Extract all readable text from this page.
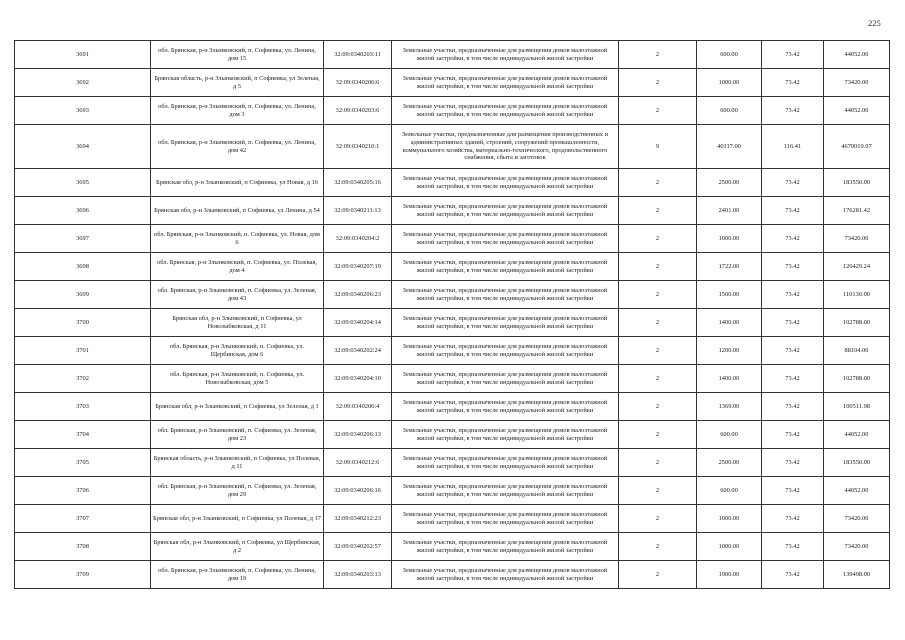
225
3691	обл. Брянская, р-н Злынковский, п. Софиевка, ул. Ленина, дом 15	32:09:0340203:11	Земельные участки, предназначенные для размещения домов малоэтажной жилой застройки, в том числе индивидуальной жилой застройки	2	600.00	73.42	44052.00
3692	Брянская область, р-н Злынковский, п Софиевка, ул Зеленая, д 5	32:09:0340206:6	Земельные участки, предназначенные для размещения домов малоэтажной жилой застройки, в том числе индивидуальной жилой застройки	2	1000.00	73.42	73420.00
3693	обл. Брянская, р-н Злынковский, п. Софиевка, ул. Ленина, дом 3	32:09:0340203:6	Земельные участки, предназначенные для размещения домов малоэтажной жилой застройки, в том числе индивидуальной жилой застройки	2	600.00	73.42	44052.00
3694	обл. Брянская, р-н Злынковский, п. Софиевка, ул. Ленина, дом 42	32:09:0340210:1	Земельные участки, предназначенные для размещения производственных и административных зданий, строений, сооружений промышленности, коммунального хозяйства, материально-технического, продовольственного снабжения, сбыта и заготовок	9	40117.00	116.41	4670019.97
3695	Брянская обл, р-н Злынковский, п Софиевка, ул Новая, д 16	32:09:0340205:16	Земельные участки, предназначенные для размещения домов малоэтажной жилой застройки, в том числе индивидуальной жилой застройки	2	2500.00	73.42	183550.00
3696	Брянская обл, р-н Злынковский, п Софиевка, ул Ленина, д 54	32:09:0340211:13	Земельные участки, предназначенные для размещения домов малоэтажной жилой застройки, в том числе индивидуальной жилой застройки	2	2401.00	73.42	176281.42
3697	обл. Брянская, р-н Злынковский, п. Софиевка, ул. Новая, дом 6	32:09:0340204:2	Земельные участки, предназначенные для размещения домов малоэтажной жилой застройки, в том числе индивидуальной жилой застройки	2	1000.00	73.42	73420.00
3698	обл. Брянская, р-н Злынковский, п. Софиевка, ул. Полевая, дом 4	32:09:0340207:19	Земельные участки, предназначенные для размещения домов малоэтажной жилой застройки, в том числе индивидуальной жилой застройки	2	1722.00	73.42	126429.24
3699	обл. Брянская, р-н Злынковский, п. Софиевка, ул. Зеленая, дом 43	32:09:0340206:23	Земельные участки, предназначенные для размещения домов малоэтажной жилой застройки, в том числе индивидуальной жилой застройки	2	1500.00	73.42	110130.00
3700	Брянская обл, р-н Злынковский, п Софиевка, ул Новозыбковская, д 11	32:09:0340204:14	Земельные участки, предназначенные для размещения домов малоэтажной жилой застройки, в том числе индивидуальной жилой застройки	2	1400.00	73.42	102788.00
3701	обл. Брянская, р-н Злынковский, п. Софиевка, ул. Щербинская, дом 6	32:09:0340202:24	Земельные участки, предназначенные для размещения домов малоэтажной жилой застройки, в том числе индивидуальной жилой застройки	2	1200.00	73.42	88104.00
3702	обл. Брянская, р-н Злынковский, п. Софиевка, ул. Новозыбковская, дом 5	32:09:0340204:10	Земельные участки, предназначенные для размещения домов малоэтажной жилой застройки, в том числе индивидуальной жилой застройки	2	1400.00	73.42	102788.00
3703	Брянская обл, р-н Злынковский, п Софиевка, ул Зеленая, д 1	32:09:0340206:4	Земельные участки, предназначенные для размещения домов малоэтажной жилой застройки, в том числе индивидуальной жилой застройки	2	1369.00	73.42	100511.98
3704	обл. Брянская, р-н Злынковский, п. Софиевка, ул. Зеленая, дом 23	32:09:0340206:13	Земельные участки, предназначенные для размещения домов малоэтажной жилой застройки, в том числе индивидуальной жилой застройки	2	600.00	73.42	44052.00
3705	Брянская область, р-н Злынковский, п Софиевка, ул Полевая, д 11	32:09:0340212:6	Земельные участки, предназначенные для размещения домов малоэтажной жилой застройки, в том числе индивидуальной жилой застройки	2	2500.00	73.42	183550.00
3706	обл. Брянская, р-н Злынковский, п. Софиевка, ул. Зеленая, дом 29	32:09:0340206:16	Земельные участки, предназначенные для размещения домов малоэтажной жилой застройки, в том числе индивидуальной жилой застройки	2	600.00	73.42	44052.00
3707	Брянская обл, р-н Злынковский, п Софиевка, ул Полевая, д 17	32:09:0340212:23	Земельные участки, предназначенные для размещения домов малоэтажной жилой застройки, в том числе индивидуальной жилой застройки	2	1000.00	73.42	73420.00
3708	Брянская обл, р-н Злынковский, п Софиевка, ул Щербинская, д 2	32:09:0340202:57	Земельные участки, предназначенные для размещения домов малоэтажной жилой застройки, в том числе индивидуальной жилой застройки	2	1000.00	73.42	73420.00
3709	обл. Брянская, р-н Злынковский, п. Софиевка, ул. Ленина, дом 19	32:09:0340203:13	Земельные участки, предназначенные для размещения домов малоэтажной жилой застройки, в том числе индивидуальной жилой застройки	2	1900.00	73.42	139498.00
